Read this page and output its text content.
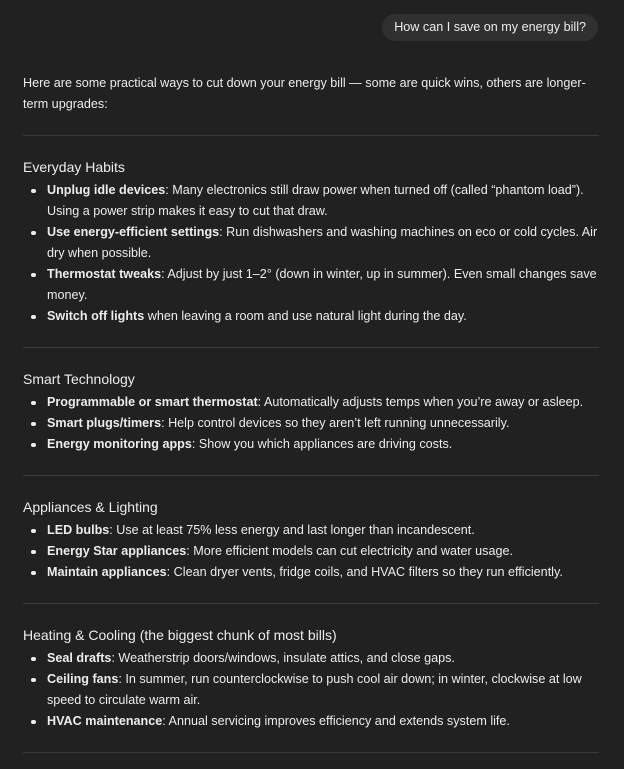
How can I save on my energy bill?

Here are some practical ways to cut down your energy bill — some are quick wins, others are longer-term upgrades:

Everyday Habits
Unplug idle devices: Many electronics still draw power when turned off (called “phantom load”). Using a power strip makes it easy to cut that draw.
Use energy-efficient settings: Run dishwashers and washing machines on eco or cold cycles. Air dry when possible.
Thermostat tweaks: Adjust by just 1–2° (down in winter, up in summer). Even small changes save money.
Switch off lights when leaving a room and use natural light during the day.
Smart Technology
Programmable or smart thermostat: Automatically adjusts temps when you’re away or asleep.
Smart plugs/timers: Help control devices so they aren’t left running unnecessarily.
Energy monitoring apps: Show you which appliances are driving costs.
Appliances & Lighting
LED bulbs: Use at least 75% less energy and last longer than incandescent.
Energy Star appliances: More efficient models can cut electricity and water usage.
Maintain appliances: Clean dryer vents, fridge coils, and HVAC filters so they run efficiently.
Heating & Cooling (the biggest chunk of most bills)
Seal drafts: Weatherstrip doors/windows, insulate attics, and close gaps.
Ceiling fans: In summer, run counterclockwise to push cool air down; in winter, clockwise at low speed to circulate warm air.
HVAC maintenance: Annual servicing improves efficiency and extends system life.
